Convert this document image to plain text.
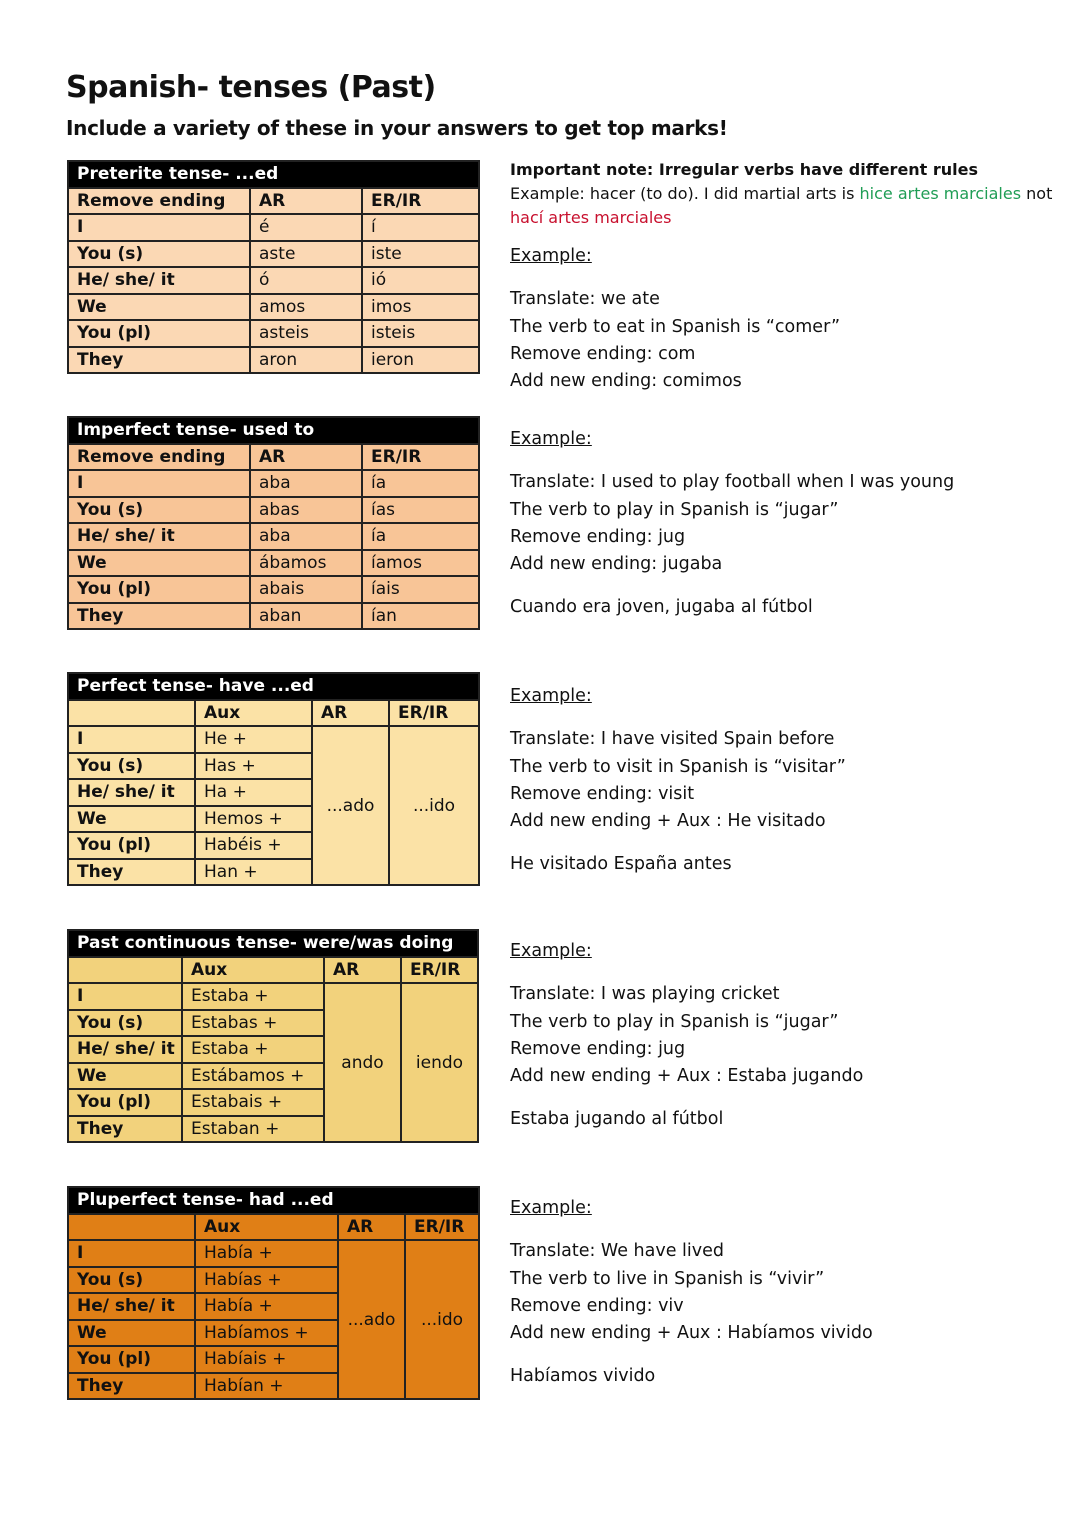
Spanish- tenses (Past)
Include a variety of these in your answers to get top marks!
Important note: Irregular verbs have different rules
Example: hacer (to do). I did martial arts is hice artes marciales not hací artes marciales
Preterite tense- ...ed		
Remove ending	AR	ER/IR
I	é	í
You (s)	aste	iste
He/ she/ it	ó	ió
We	amos	imos
You (pl)	asteis	isteis
They	aron	ieron
Imperfect tense- used to		
Remove ending	AR	ER/IR
I	aba	ía
You (s)	abas	ías
He/ she/ it	aba	ía
We	ábamos	íamos
You (pl)	abais	íais
They	aban	ían
Perfect tense- have ...ed			
	Aux	AR	ER/IR
I	He +	...ado	...ido
You (s)	Has +		
He/ she/ it	Ha +		
We	Hemos +		
You (pl)	Habéis +		
They	Han +		
Past continuous tense- were/was doing			
	Aux	AR	ER/IR
I	Estaba +	ando	iendo
You (s)	Estabas +		
He/ she/ it	Estaba +		
We	Estábamos +		
You (pl)	Estabais +		
They	Estaban +		
Pluperfect tense- had ...ed			
	Aux	AR	ER/IR
I	Había +	...ado	...ido
You (s)	Habías +		
He/ she/ it	Había +		
We	Habíamos +		
You (pl)	Habíais +		
They	Habían +		
Example:
Translate: we ate
The verb to eat in Spanish is “comer”
Remove ending: com
Add new ending: comimos
Example:
Translate: I used to play football when I was young
The verb to play in Spanish is “jugar”
Remove ending: jug
Add new ending: jugaba
Cuando era joven, jugaba al fútbol
Example:
Translate: I have visited Spain before
The verb to visit in Spanish is “visitar”
Remove ending: visit
Add new ending + Aux : He visitado
He visitado España antes
Example:
Translate: I was playing cricket
The verb to play in Spanish is “jugar”
Remove ending: jug
Add new ending + Aux : Estaba jugando
Estaba jugando al fútbol
Example:
Translate: We have lived
The verb to live in Spanish is “vivir”
Remove ending: viv
Add new ending + Aux : Habíamos vivido
Habíamos vivido
